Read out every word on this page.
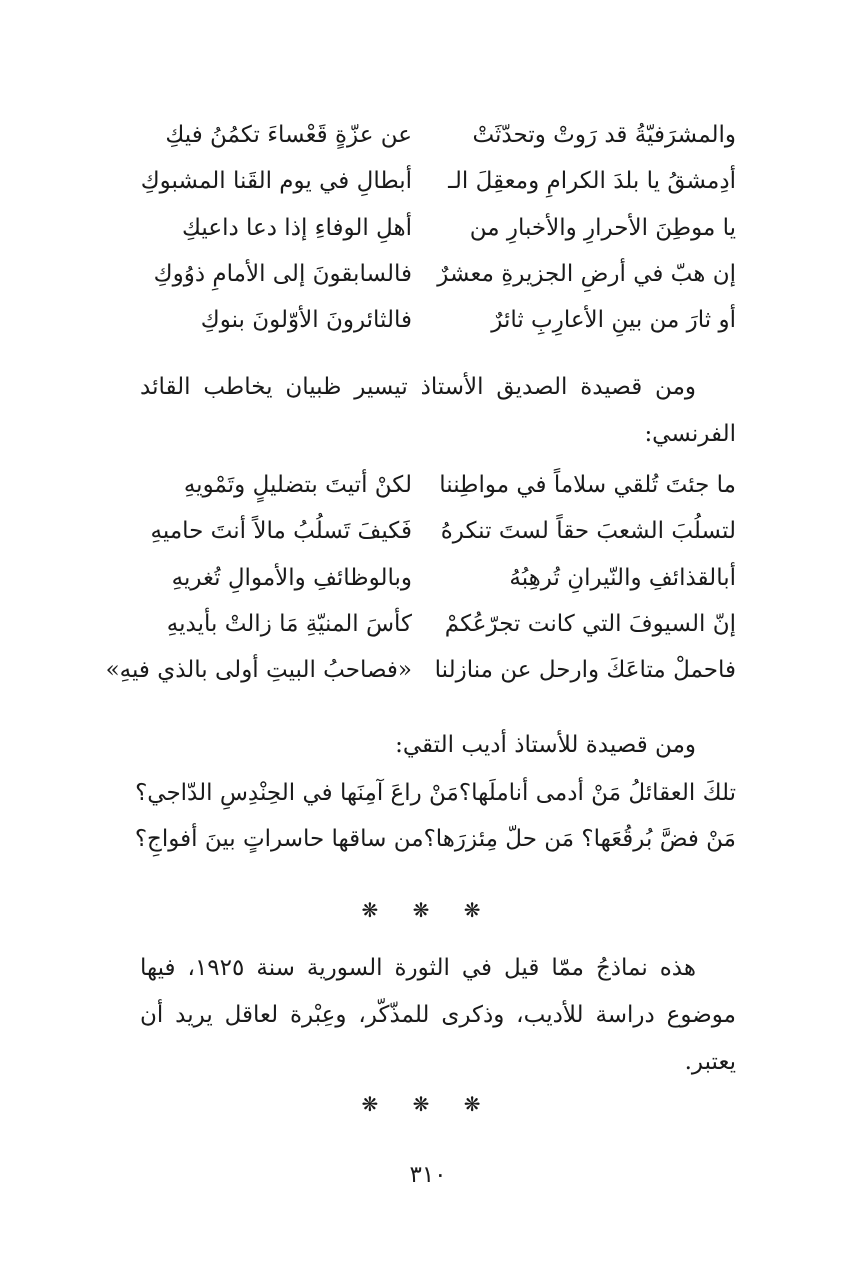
والمشرَفيّةُ قد رَوتْ وتحدّثَتْ
عن عزّةٍ قَعْساءَ تكمُنُ فيكِ
أدِمشقُ يا بلدَ الكرامِ ومعقِلَ الـ
أبطالِ في يوم القَنا المشبوكِ
يا موطِنَ الأحرارِ والأخبارِ من
أهلِ الوفاءِ إذا دعا داعيكِ
إن هبّ في أرضِ الجزيرةِ معشرٌ
فالسابقونَ إلى الأمامِ ذوُوكِ
أو ثارَ من بينِ الأعارِبِ ثائرٌ
فالثائرونَ الأوّلونَ بنوكِ

ومن قصيدة الصديق الأستاذ تيسير ظبيان يخاطب القائد الفرنسي:

ما جئتَ تُلقي سلاماً في مواطِننا
لكنْ أتيتَ بتضليلٍ وتَمْويهِ
لتسلُبَ الشعبَ حقاً لستَ تنكرهُ
فَكيفَ تَسلُبُ مالاً أنتَ حاميهِ
أبالقذائفِ والنّيرانِ تُرهِبُهُ
وبالوظائفِ والأموالِ تُغريهِ
إنّ السيوفَ التي كانت تجرّعُكمْ
كأسَ المنيّةِ مَا زالتْ بأيديهِ
فاحملْ متاعَكَ وارحل عن منازلنا
«فصاحبُ البيتِ أولى بالذي فيهِ»

ومن قصيدة للأستاذ أديب التقي:

تلكَ العقائلُ مَنْ أدمى أناملَها؟
مَنْ راعَ آمِنَها في الحِنْدِسِ الدّاجي؟
مَنْ فضَّ بُرقُعَها؟ مَن حلّ مِئزرَها؟
من ساقها حاسراتٍ بينَ أفواجِ؟
❋ ❋ ❋

هذه نماذجُ ممّا قيل في الثورة السورية سنة ١٩٢٥، فيها موضوع دراسة للأديب، وذكرى للمذّكّر، وعِبْرة لعاقل يريد أن يعتبر.

❋ ❋ ❋
٣١٠
